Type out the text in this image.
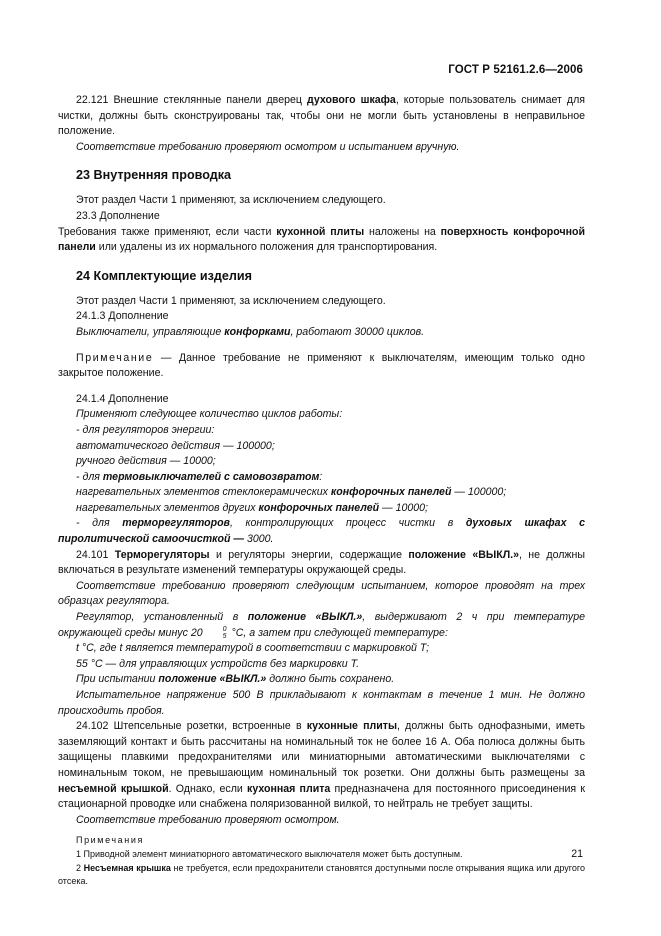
ГОСТ Р 52161.2.6—2006

22.121 Внешние стеклянные панели дверец духового шкафа, которые пользователь снимает для чистки, должны быть сконструированы так, чтобы они не могли быть установлены в неправильное положение.

Соответствие требованию проверяют осмотром и испытанием вручную.

23 Внутренняя проводка

Этот раздел Части 1 применяют, за исключением следующего.

23.3 Дополнение

Требования также применяют, если части кухонной плиты наложены на поверхность конфорочной панели или удалены из их нормального положения для транспортирования.

24 Комплектующие изделия

Этот раздел Части 1 применяют, за исключением следующего.

24.1.3 Дополнение

Выключатели, управляющие конфорками, работают 30000 циклов.

Примечание — Данное требование не применяют к выключателям, имеющим только одно закрытое положение.

24.1.4 Дополнение

Применяют следующее количество циклов работы:

- для регуляторов энергии:

автоматического действия — 100000;

ручного действия — 10000;

- для термовыключателей с самовозвратом:

нагревательных элементов стеклокерамических конфорочных панелей — 100000;

нагревательных элементов других конфорочных панелей — 10000;

- для терморегуляторов, контролирующих процесс чистки в духовых шкафах с пиролитической самоочисткой — 3000.

24.101 Терморегуляторы и регуляторы энергии, содержащие положение «ВЫКЛ.», не должны включаться в результате изменений температуры окружающей среды.

Соответствие требованию проверяют следующим испытанием, которое проводят на трех образцах регулятора.

Регулятор, установленный в положение «ВЫКЛ.», выдерживают 2 ч при температуре окружающей среды минус 20	0
5 °С, а затем при следующей температуре:

t °С, где t является температурой в соответствии с маркировкой Т;

55 °С — для управляющих устройств без маркировки Т.

При испытании положение «ВЫКЛ.» должно быть сохранено.

Испытательное напряжение 500 В прикладывают к контактам в течение 1 мин. Не должно происходить пробоя.

24.102 Штепсельные розетки, встроенные в кухонные плиты, должны быть однофазными, иметь заземляющий контакт и быть рассчитаны на номинальный ток не более 16 А. Оба полюса должны быть защищены плавкими предохранителями или миниатюрными автоматическими выключателями с номинальным током, не превышающим номинальный ток розетки. Они должны быть размещены за несъемной крышкой. Однако, если кухонная плита предназначена для постоянного присоединения к стационарной проводке или снабжена поляризованной вилкой, то нейтраль не требует защиты.

Соответствие требованию проверяют осмотром.

Примечания

1 Приводной элемент миниатюрного автоматического выключателя может быть доступным.

2 Несъемная крышка не требуется, если предохранители становятся доступными после открывания ящика или другого отсека.

21
